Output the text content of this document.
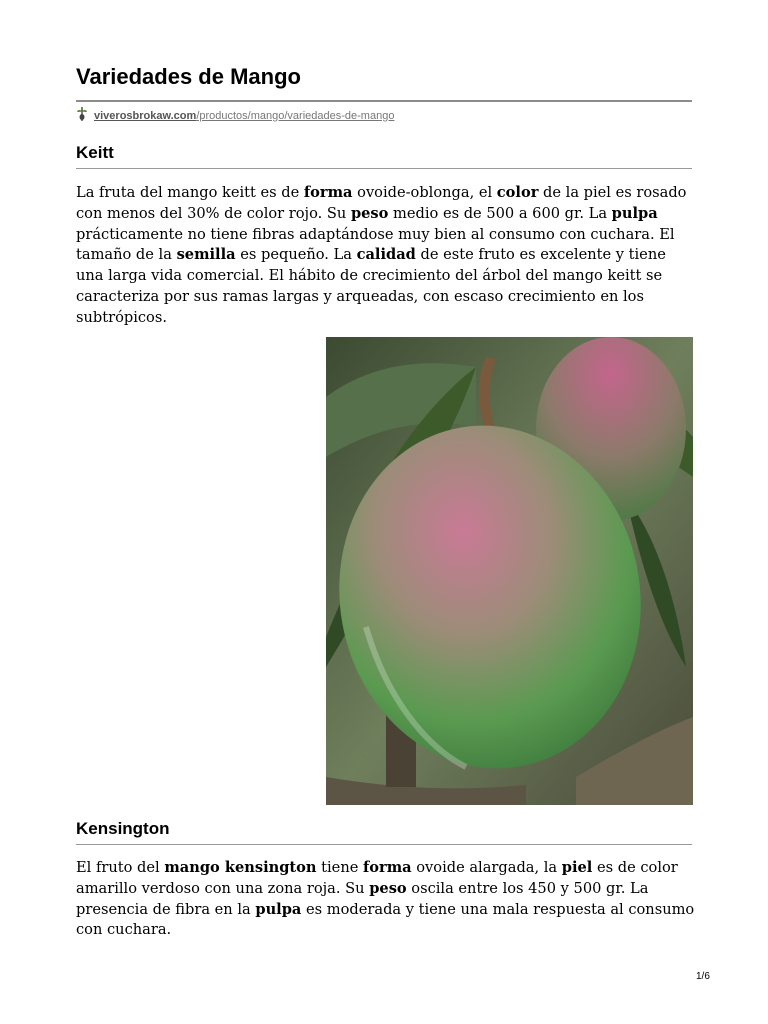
Variedades de Mango
viverosbrokaw.com/productos/mango/variedades-de-mango
Keitt

La fruta del mango keitt es de forma ovoide-oblonga, el color de la piel es rosado con menos del 30% de color rojo. Su peso medio es de 500 a 600 gr. La pulpa prácticamente no tiene fibras adaptándose muy bien al consumo con cuchara. El tamaño de la semilla es pequeño. La calidad de este fruto es excelente y tiene una larga vida comercial. El hábito de crecimiento del árbol del mango keitt se caracteriza por sus ramas largas y arqueadas, con escaso crecimiento en los subtrópicos.

Kensington

El fruto del mango kensington tiene forma ovoide alargada, la piel es de color amarillo verdoso con una zona roja. Su peso oscila entre los 450 y 500 gr. La presencia de fibra en la pulpa es moderada y tiene una mala respuesta al consumo con cuchara.

1/6
